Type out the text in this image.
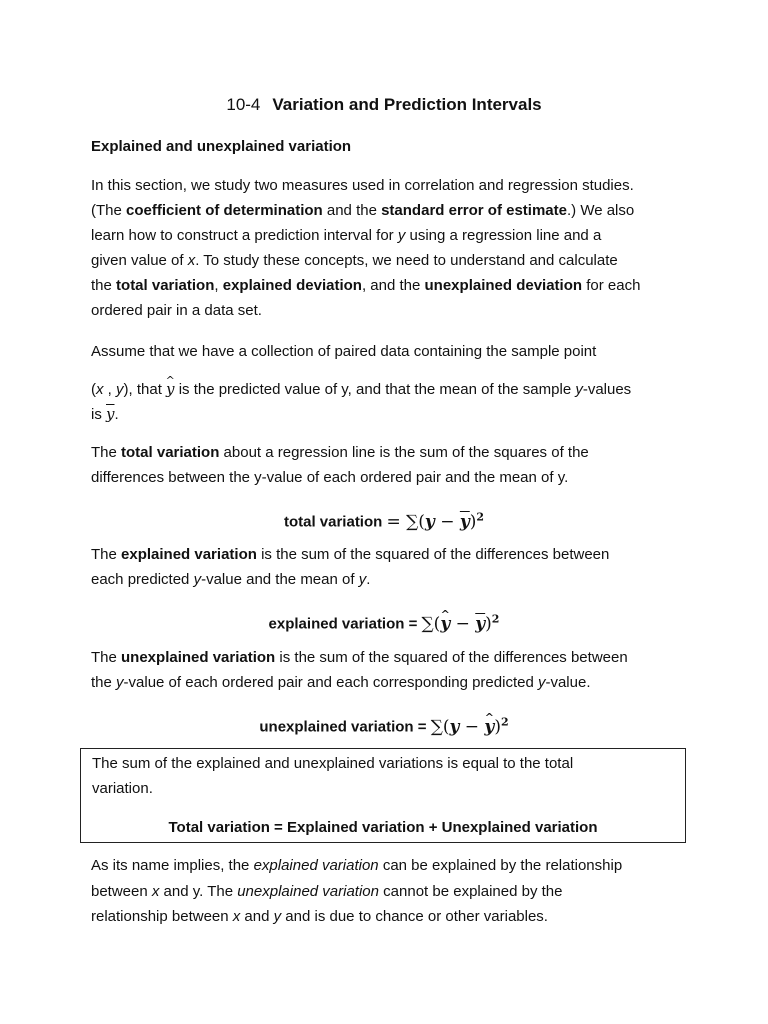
10-4 Variation and Prediction Intervals
Explained and unexplained variation
In this section, we study two measures used in correlation and regression studies.
(The coefficient of determination and the standard error of estimate.) We also
learn how to construct a prediction interval for y using a regression line and a
given value of x. To study these concepts, we need to understand and calculate
the total variation, explained deviation, and the unexplained deviation for each
ordered pair in a data set.
Assume that we have a collection of paired data containing the sample point
(x , y), that ^ y is the predicted value of y, and that the mean of the sample y-values
is $\overline{y}$.
The total variation about a regression line is the sum of the squares of the
differences between the y-value of each ordered pair and the mean of y.
total variation = $\sum(y - \overline{y})^2$
The explained variation is the sum of the squared of the differences between
each predicted y-value and the mean of y.
explained variation = ∑(^ $y - \overline{y})^2$
The unexplained variation is the sum of the squared of the differences between
the y-value of each ordered pair and each corresponding predicted y-value.
unexplained variation = ∑(y − ^ y)$^2$
The sum of the explained and unexplained variations is equal to the total
variation.
Total variation = Explained variation + Unexplained variation
As its name implies, the explained variation can be explained by the relationship
between x and y. The unexplained variation cannot be explained by the
relationship between x and y and is due to chance or other variables.
